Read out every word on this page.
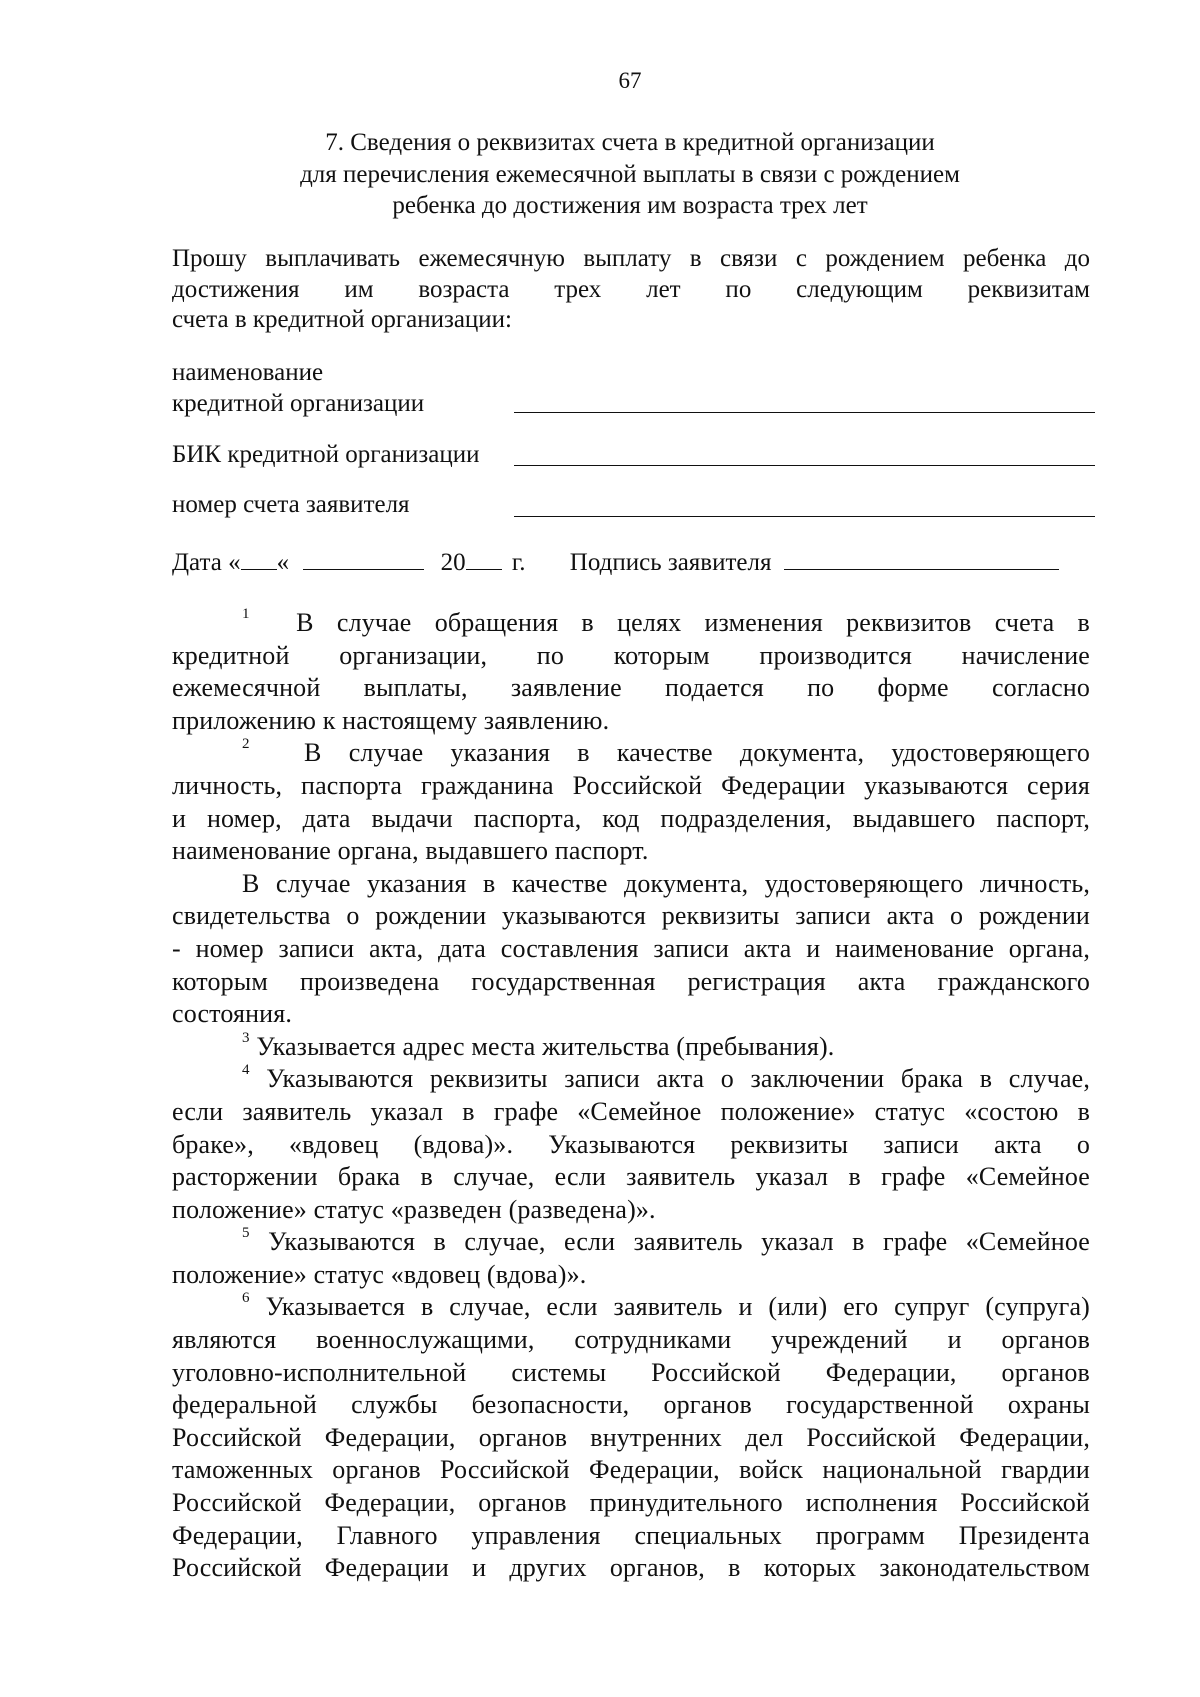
67
7. Сведения о реквизитах счета в кредитной организации
для перечисления ежемесячной выплаты в связи с рождением
ребенка до достижения им возраста трех лет
Прошу выплачивать ежемесячную выплату в связи с рождением ребенка до
достижения им возраста трех лет по следующим реквизитам
счета в кредитной организации:
наименование
кредитной организации
БИК кредитной организации
номер счета заявителя
Дата « «	20 г. Подпись заявителя
$^1$ В случае обращения в целях изменения реквизитов счета в
кредитной организации, по которым производится начисление
ежемесячной выплаты, заявление подается по форме согласно
приложению к настоящему заявлению.
$^2$ В случае указания в качестве документа, удостоверяющего
личность, паспорта гражданина Российской Федерации указываются серия
и номер, дата выдачи паспорта, код подразделения, выдавшего паспорт,
наименование органа, выдавшего паспорт.
В случае указания в качестве документа, удостоверяющего личность,
свидетельства о рождении указываются реквизиты записи акта о рождении
- номер записи акта, дата составления записи акта и наименование органа,
которым произведена государственная регистрация акта гражданского
состояния.
$^3$ Указывается адрес места жительства (пребывания).
$^4$ Указываются реквизиты записи акта о заключении брака в случае,
если заявитель указал в графе «Семейное положение» статус «состою в
браке», «вдовец (вдова)». Указываются реквизиты записи акта о
расторжении брака в случае, если заявитель указал в графе «Семейное
положение» статус «разведен (разведена)».
$^5$ Указываются в случае, если заявитель указал в графе «Семейное
положение» статус «вдовец (вдова)».
$^6$ Указывается в случае, если заявитель и (или) его супруг (супруга)
являются военнослужащими, сотрудниками учреждений и органов
уголовно-исполнительной системы Российской Федерации, органов
федеральной службы безопасности, органов государственной охраны
Российской Федерации, органов внутренних дел Российской Федерации,
таможенных органов Российской Федерации, войск национальной гвардии
Российской Федерации, органов принудительного исполнения Российской
Федерации, Главного управления специальных программ Президента
Российской Федерации и других органов, в которых законодательством
